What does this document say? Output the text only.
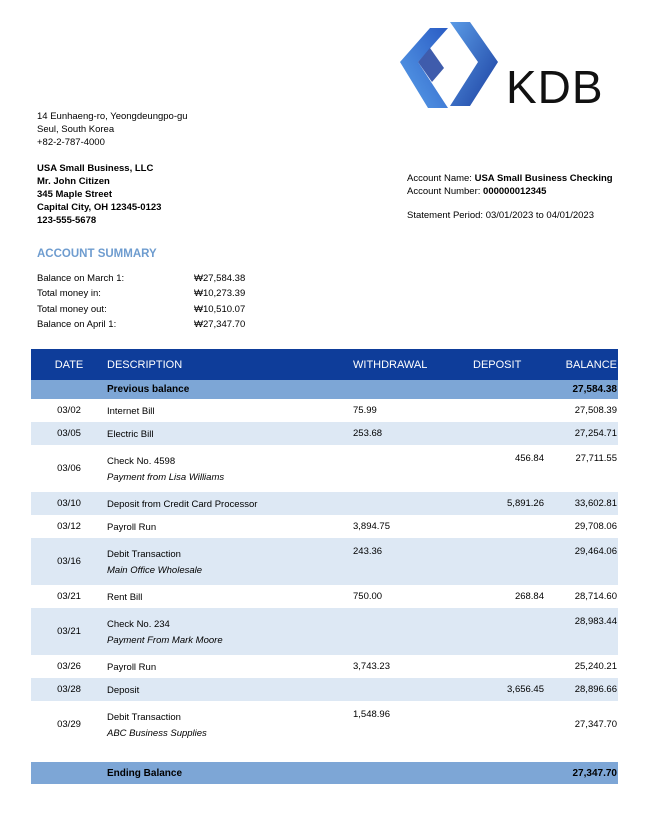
KDB
14 Eunhaeng-ro, Yeongdeungpo-gu
Seul, South Korea
+82-2-787-4000
USA Small Business, LLC
Mr. John Citizen
345 Maple Street
Capital City, OH 12345-0123
123-555-5678
Account Name: USA Small Business Checking
Account Number: 000000012345
Statement Period: 03/01/2023 to 04/01/2023
ACCOUNT SUMMARY
Balance on March 1:	₩27,584.38
Total money in:	₩10,273.39
Total money out:	₩10,510.07
Balance on April 1:	₩27,347.70
DATE	DESCRIPTION	WITHDRAWAL	DEPOSIT	BALANCE
	Previous balance			27,584.38
03/02	Internet Bill	75.99		27,508.39
03/05	Electric Bill	253.68		27,254.71
03/06	Check No. 4598
Payment from Lisa Williams		456.84	27,711.55
03/10	Deposit from Credit Card Processor		5,891.26	33,602.81
03/12	Payroll Run	3,894.75		29,708.06
03/16	Debit Transaction
Main Office Wholesale	243.36		29,464.06
03/21	Rent Bill	750.00	268.84	28,714.60
03/21	Check No. 234
Payment From Mark Moore			28,983.44
03/26	Payroll Run	3,743.23		25,240.21
03/28	Deposit		3,656.45	28,896.66
03/29	Debit Transaction
ABC Business Supplies	1,548.96		27,347.70

	Ending Balance			27,347.70
